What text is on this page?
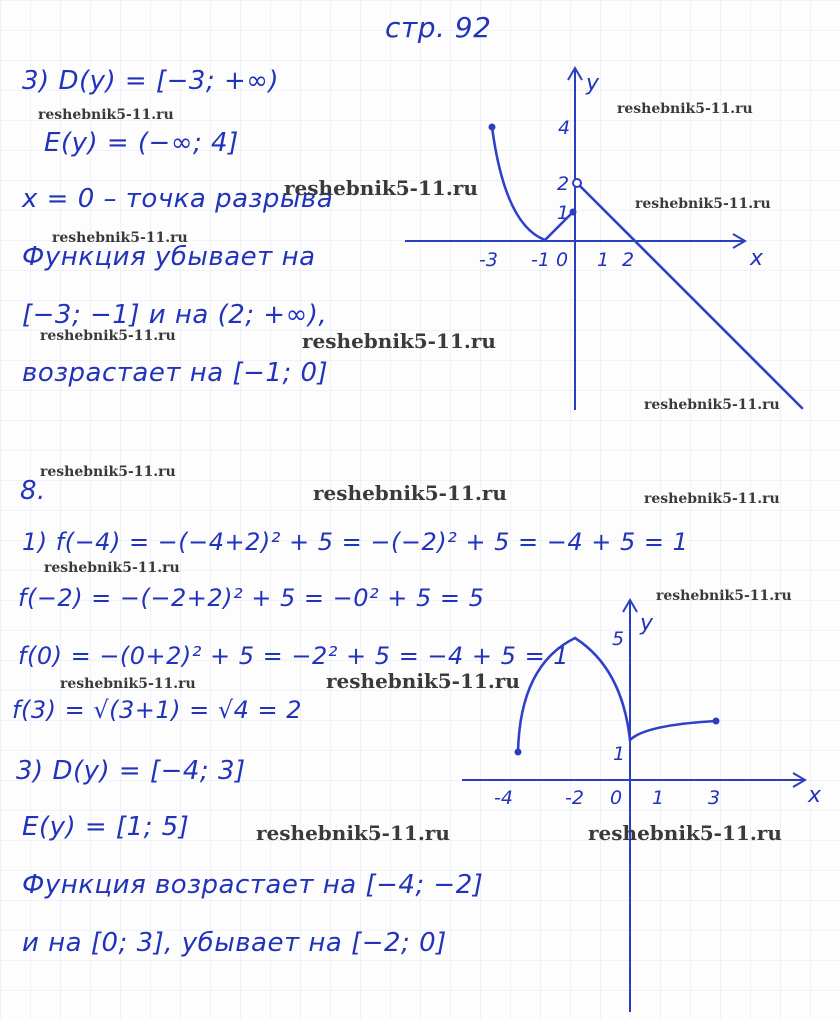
стр. 92
3) D(y) = [−3; +∞)
E(y) = (−∞; 4]
x = 0 – точка разрыва
Функция убывает на
[−3; −1] и на (2; +∞),
возрастает на [−1; 0]
-3 -1 0 1 2
4
2
1
x
y
8.
1) f(−4) = −(−4+2)² + 5 = −(−2)² + 5 = −4 + 5 = 1
f(−2) = −(−2+2)² + 5 = −0² + 5 = 5
f(0) = −(0+2)² + 5 = −2² + 5 = −4 + 5 = 1
f(3) = √(3+1) = √4 = 2
3) D(y) = [−4; 3]
E(y) = [1; 5]
Функция возрастает на [−4; −2]
и на [0; 3], убывает на [−2; 0]
-4	-2 0 1 3
5
1
x
y
reshebnik5-11.ru	reshebnik5-11.ru
reshebnik5-11.ru
reshebnik5-11.ru
reshebnik5-11.ru
reshebnik5-11.ru	reshebnik5-11.ru
reshebnik5-11.ru
reshebnik5-11.ru
reshebnik5-11.ru	reshebnik5-11.ru
reshebnik5-11.ru
reshebnik5-11.ru
reshebnik5-11.ru	reshebnik5-11.ru
reshebnik5-11.ru	reshebnik5-11.ru
